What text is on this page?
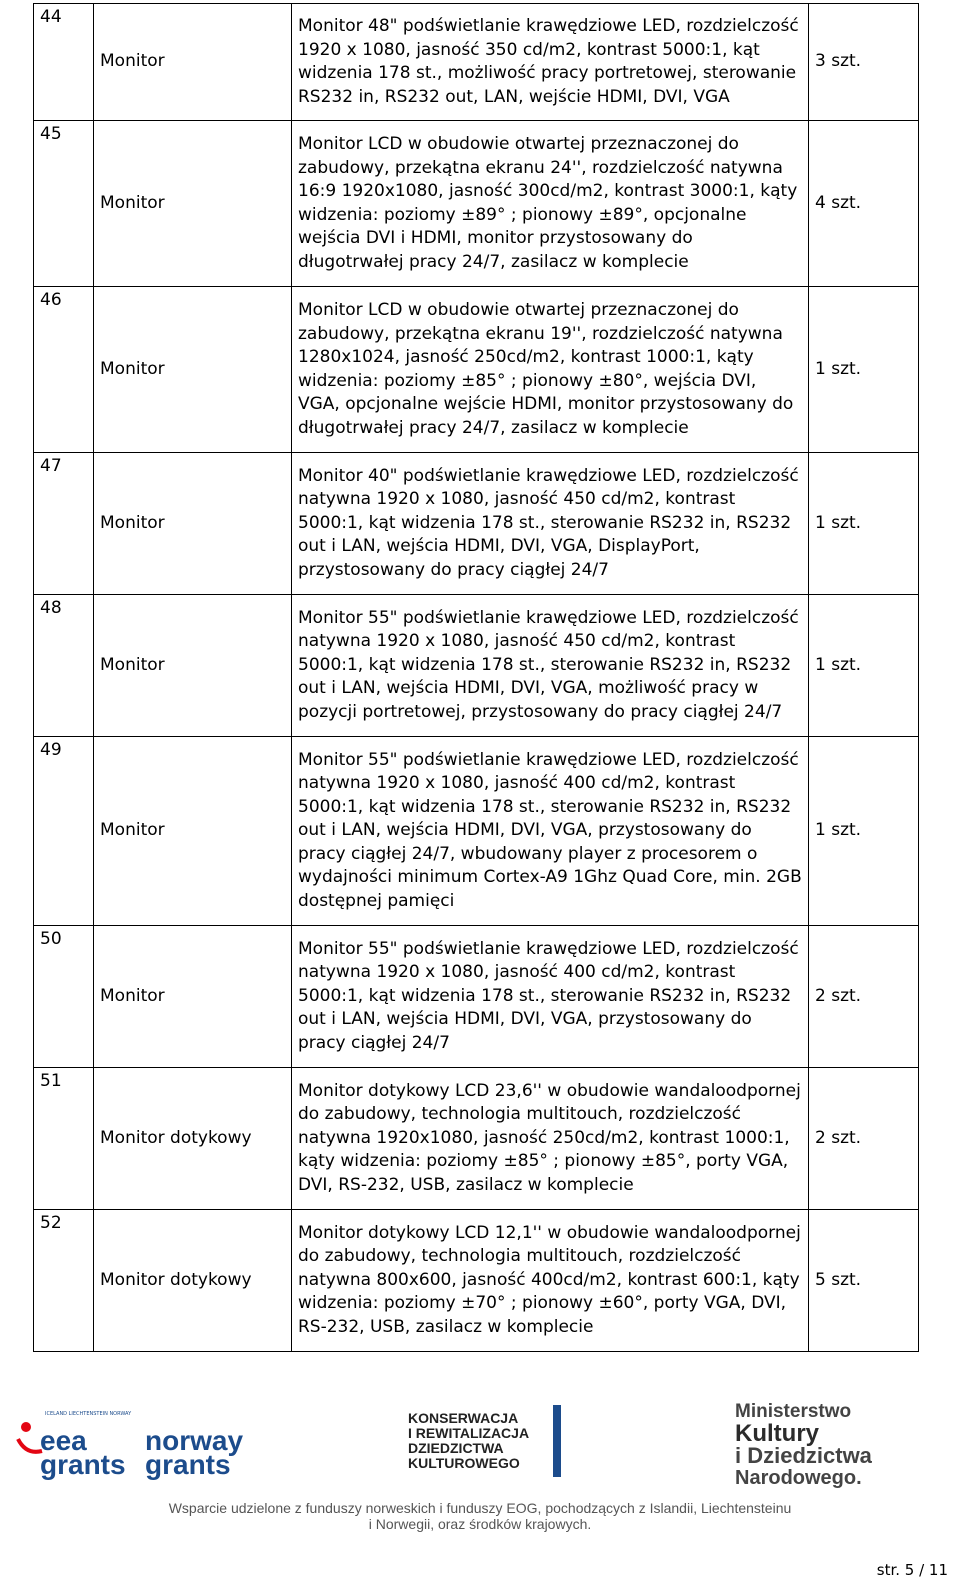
44	Monitor	Monitor 48" podświetlanie krawędziowe LED, rozdzielczość 1920 x 1080, jasność 350 cd/m2, kontrast 5000:1, kąt widzenia 178 st., możliwość pracy portretowej, sterowanie RS232 in, RS232 out, LAN, wejście HDMI, DVI, VGA	3 szt.
45	Monitor	Monitor LCD w obudowie otwartej przeznaczonej do zabudowy, przekątna ekranu 24'', rozdzielczość natywna 16:9 1920x1080, jasność 300cd/m2, kontrast 3000:1, kąty widzenia: poziomy ±89° ; pionowy ±89°, opcjonalne wejścia DVI i HDMI, monitor przystosowany do długotrwałej pracy 24/7, zasilacz w komplecie	4 szt.
46	Monitor	Monitor LCD w obudowie otwartej przeznaczonej do zabudowy, przekątna ekranu 19'', rozdzielczość natywna 1280x1024, jasność 250cd/m2, kontrast 1000:1, kąty widzenia: poziomy ±85° ; pionowy ±80°, wejścia DVI, VGA, opcjonalne wejście HDMI, monitor przystosowany do długotrwałej pracy 24/7, zasilacz w komplecie	1 szt.
47	Monitor	Monitor 40" podświetlanie krawędziowe LED, rozdzielczość natywna 1920 x 1080, jasność 450 cd/m2, kontrast 5000:1, kąt widzenia 178 st., sterowanie RS232 in, RS232 out i LAN, wejścia HDMI, DVI, VGA, DisplayPort, przystosowany do pracy ciągłej 24/7	1 szt.
48	Monitor	Monitor 55" podświetlanie krawędziowe LED, rozdzielczość natywna 1920 x 1080, jasność 450 cd/m2, kontrast 5000:1, kąt widzenia 178 st., sterowanie RS232 in, RS232 out i LAN, wejścia HDMI, DVI, VGA, możliwość pracy w pozycji portretowej, przystosowany do pracy ciągłej 24/7	1 szt.
49	Monitor	Monitor 55" podświetlanie krawędziowe LED, rozdzielczość natywna 1920 x 1080, jasność 400 cd/m2, kontrast 5000:1, kąt widzenia 178 st., sterowanie RS232 in, RS232 out i LAN, wejścia HDMI, DVI, VGA, przystosowany do pracy ciągłej 24/7, wbudowany player z procesorem o wydajności minimum Cortex-A9 1Ghz Quad Core, min. 2GB dostępnej pamięci	1 szt.
50	Monitor	Monitor 55" podświetlanie krawędziowe LED, rozdzielczość natywna 1920 x 1080, jasność 400 cd/m2, kontrast 5000:1, kąt widzenia 178 st., sterowanie RS232 in, RS232 out i LAN, wejścia HDMI, DVI, VGA, przystosowany do pracy ciągłej 24/7	2 szt.
51	Monitor dotykowy	Monitor dotykowy LCD 23,6'' w obudowie wandaloodpornej do zabudowy, technologia multitouch, rozdzielczość natywna 1920x1080, jasność 250cd/m2, kontrast 1000:1, kąty widzenia: poziomy ±85° ; pionowy ±85°, porty VGA, DVI, RS-232, USB, zasilacz w komplecie	2 szt.
52	Monitor dotykowy	Monitor dotykowy LCD 12,1'' w obudowie wandaloodpornej do zabudowy, technologia multitouch, rozdzielczość natywna 800x600, jasność 400cd/m2, kontrast 600:1, kąty widzenia: poziomy ±70° ; pionowy ±60°, porty VGA, DVI, RS-232, USB, zasilacz w komplecie	5 szt.
ICELAND LIECHTENSTEIN NORWAY
eea
grants
norway
grants
KONSERWACJA
I REWITALIZACJA
DZIEDZICTWA
KULTUROWEGO
Ministerstwo
Kultury
i Dziedzictwa
Narodowego.
Wsparcie udzielone z funduszy norweskich i funduszy EOG, pochodzących z Islandii, Liechtensteinu
i Norwegii, oraz środków krajowych.
str. 5 / 11
